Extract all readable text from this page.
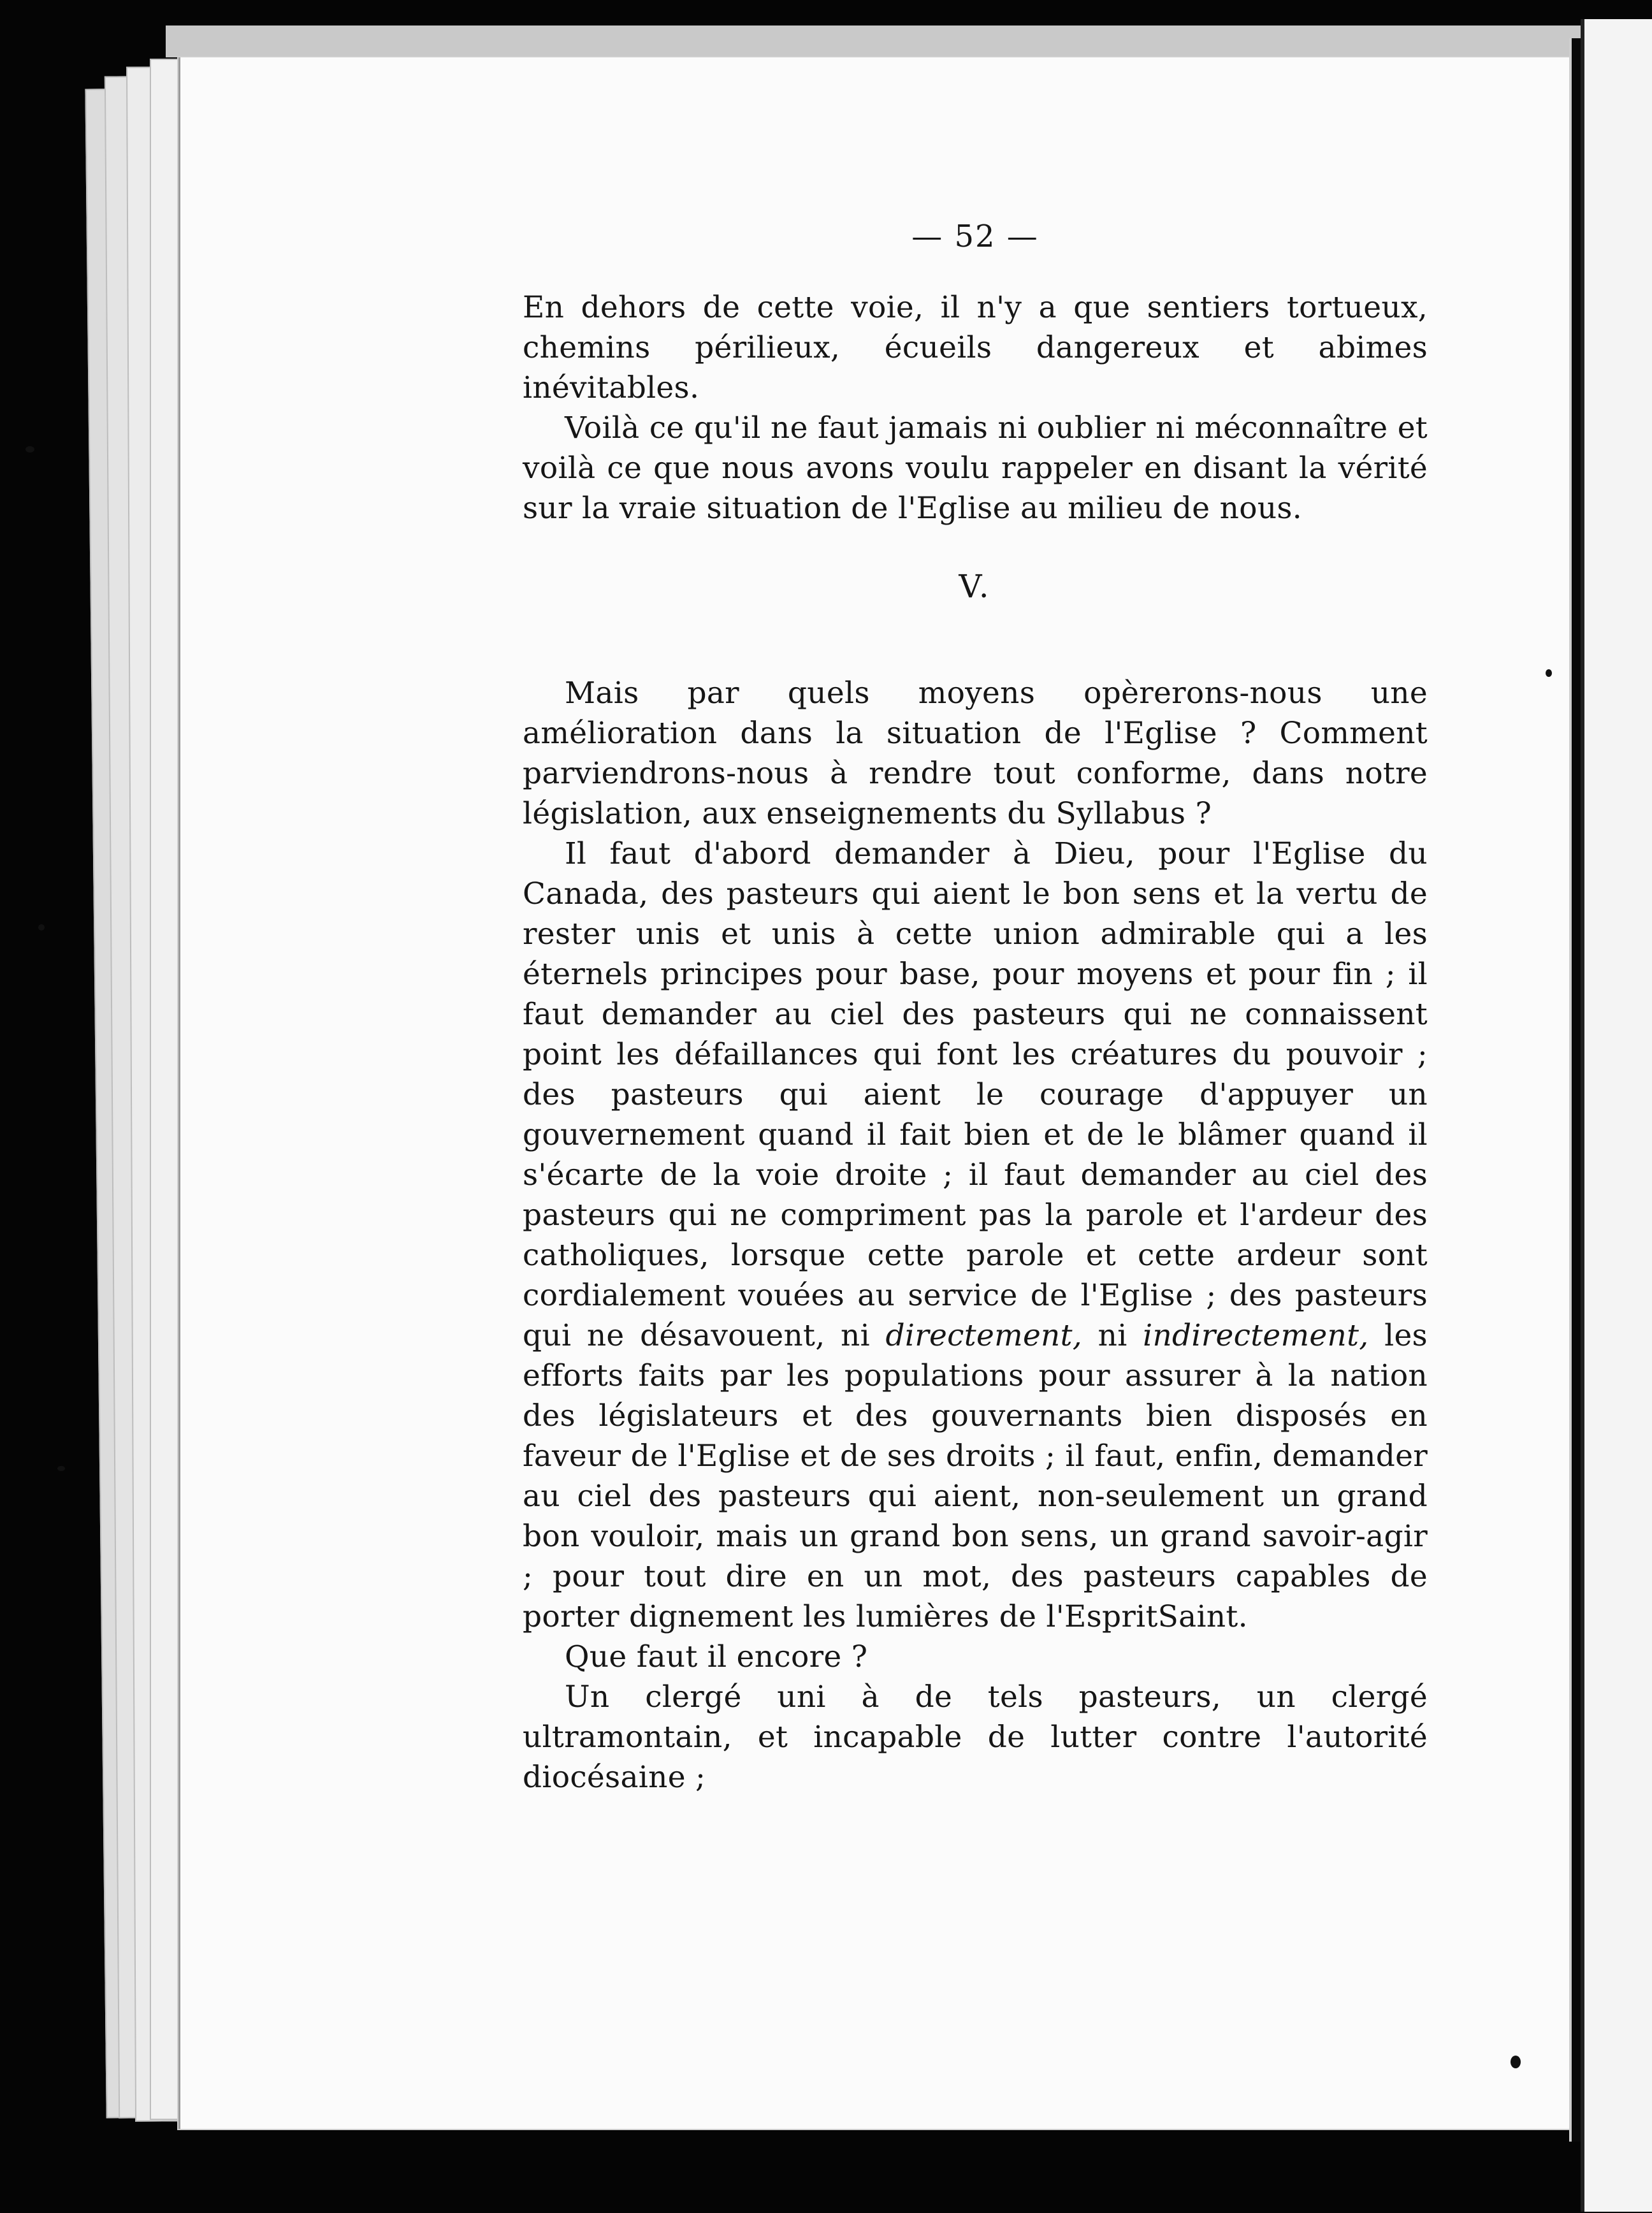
— 52 —

En dehors de cette voie, il n'y a que sentiers tortueux, chemins périlieux, écueils dangereux et abimes inévitables.

Voilà ce qu'il ne faut jamais ni oublier ni méconnaître et voilà ce que nous avons voulu rappeler en disant la vérité sur la vraie situation de l'Eglise au milieu de nous.

V.

Mais par quels moyens opèrerons-nous une amélioration dans la situation de l'Eglise ? Comment parviendrons-nous à rendre tout conforme, dans notre législation, aux enseignements du Syllabus ?

Il faut d'abord demander à Dieu, pour l'Eglise du Canada, des pasteurs qui aient le bon sens et la vertu de rester unis et unis à cette union admirable qui a les éternels principes pour base, pour moyens et pour fin ; il faut demander au ciel des pasteurs qui ne connaissent point les défaillances qui font les créatures du pouvoir ; des pasteurs qui aient le courage d'appuyer un gouvernement quand il fait bien et de le blâmer quand il s'écarte de la voie droite ; il faut demander au ciel des pasteurs qui ne compriment pas la parole et l'ardeur des catholiques, lorsque cette parole et cette ardeur sont cordialement vouées au service de l'Eglise ; des pasteurs qui ne désavouent, ni directement, ni indirectement, les efforts faits par les populations pour assurer à la nation des législateurs et des gouvernants bien disposés en faveur de l'Eglise et de ses droits ; il faut, enfin, demander au ciel des pasteurs qui aient, non-seulement un grand bon vouloir, mais un grand bon sens, un grand savoir-agir ; pour tout dire en un mot, des pasteurs capables de porter dignement les lumières de l'EspritSaint.

Que faut il encore ?

Un clergé uni à de tels pasteurs, un clergé ultramontain, et incapable de lutter contre l'autorité diocésaine ;
